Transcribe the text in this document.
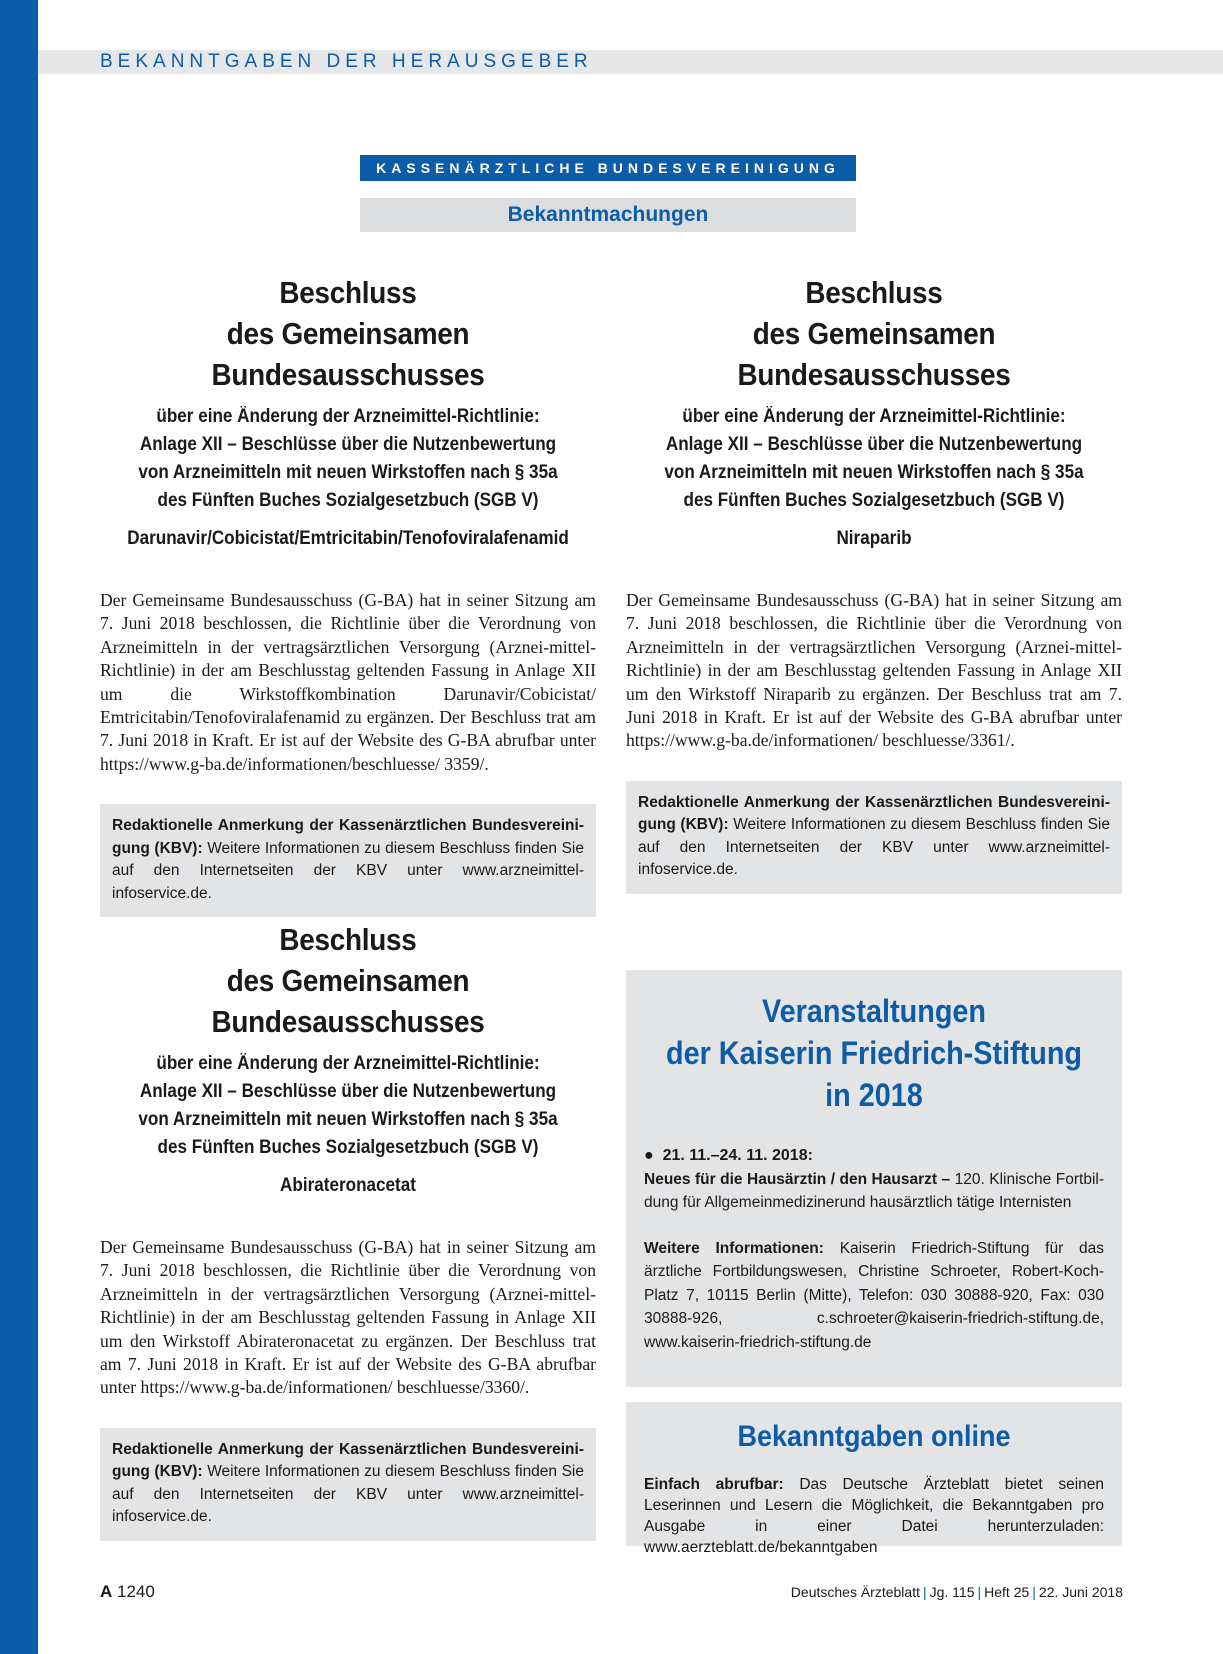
BEKANNTGABEN DER HERAUSGEBER
KASSENÄRZTLICHE BUNDESVEREINIGUNG
Bekanntmachungen
Beschluss
des Gemeinsamen Bundesausschusses
über eine Änderung der Arzneimittel-Richtlinie:
Anlage XII – Beschlüsse über die Nutzenbewertung
von Arzneimitteln mit neuen Wirkstoffen nach § 35a
des Fünften Buches Sozialgesetzbuch (SGB V)
Darunavir/Cobicistat/Emtricitabin/Tenofoviralafenamid

Der Gemeinsame Bundesausschuss (G-BA) hat in seiner Sitzung am 7. Juni 2018 beschlossen, die Richtlinie über die Verordnung von Arzneimitteln in der vertragsärztlichen Versorgung (Arznei-mittel-Richtlinie) in der am Beschlusstag geltenden Fassung in Anlage XII um die Wirkstoffkombination Darunavir/Cobicistat/ Emtricitabin/Tenofoviralafenamid zu ergänzen. Der Beschluss trat am 7. Juni 2018 in Kraft. Er ist auf der Website des G-BA abrufbar unter https://www.g-ba.de/informationen/beschluesse/ 3359/.

Redaktionelle Anmerkung der Kassenärztlichen Bundesvereini-gung (KBV): Weitere Informationen zu diesem Beschluss finden Sie auf den Internetseiten der KBV unter www.arzneimittel-infoservice.de.
Beschluss
des Gemeinsamen Bundesausschusses
über eine Änderung der Arzneimittel-Richtlinie:
Anlage XII – Beschlüsse über die Nutzenbewertung
von Arzneimitteln mit neuen Wirkstoffen nach § 35a
des Fünften Buches Sozialgesetzbuch (SGB V)
Niraparib

Der Gemeinsame Bundesausschuss (G-BA) hat in seiner Sitzung am 7. Juni 2018 beschlossen, die Richtlinie über die Verordnung von Arzneimitteln in der vertragsärztlichen Versorgung (Arznei-mittel-Richtlinie) in der am Beschlusstag geltenden Fassung in Anlage XII um den Wirkstoff Niraparib zu ergänzen. Der Beschluss trat am 7. Juni 2018 in Kraft. Er ist auf der Website des G-BA abrufbar unter https://www.g-ba.de/informationen/ beschluesse/3361/.

Redaktionelle Anmerkung der Kassenärztlichen Bundesvereini-gung (KBV): Weitere Informationen zu diesem Beschluss finden Sie auf den Internetseiten der KBV unter www.arzneimittel-infoservice.de.
Beschluss
des Gemeinsamen Bundesausschusses
über eine Änderung der Arzneimittel-Richtlinie:
Anlage XII – Beschlüsse über die Nutzenbewertung
von Arzneimitteln mit neuen Wirkstoffen nach § 35a
des Fünften Buches Sozialgesetzbuch (SGB V)
Abirateronacetat

Der Gemeinsame Bundesausschuss (G-BA) hat in seiner Sitzung am 7. Juni 2018 beschlossen, die Richtlinie über die Verordnung von Arzneimitteln in der vertragsärztlichen Versorgung (Arznei-mittel-Richtlinie) in der am Beschlusstag geltenden Fassung in Anlage XII um den Wirkstoff Abirateronacetat zu ergänzen. Der Beschluss trat am 7. Juni 2018 in Kraft. Er ist auf der Website des G-BA abrufbar unter https://www.g-ba.de/informationen/ beschluesse/3360/.

Redaktionelle Anmerkung der Kassenärztlichen Bundesvereini-gung (KBV): Weitere Informationen zu diesem Beschluss finden Sie auf den Internetseiten der KBV unter www.arzneimittel-infoservice.de.
Veranstaltungen
der Kaiserin Friedrich-Stiftung
in 2018
● 21. 11.–24. 11. 2018:
Neues für die Hausärztin / den Hausarzt – 120. Klinische Fortbil-dung für Allgemeinmedizinerund hausärztlich tätige Internisten
Weitere Informationen: Kaiserin Friedrich-Stiftung für das ärztliche Fortbildungswesen, Christine Schroeter, Robert-Koch-Platz 7, 10115 Berlin (Mitte), Telefon: 030 30888-920, Fax: 030 30888-926, c.schroeter@kaiserin-friedrich-stiftung.de, www.kaiserin-friedrich-stiftung.de
Bekanntgaben online
Einfach abrufbar: Das Deutsche Ärzteblatt bietet seinen Leserinnen und Lesern die Möglichkeit, die Bekanntgaben pro Ausgabe in einer Datei herunterzuladen: www.aerzteblatt.de/bekanntgaben
A 1240	Deutsches Ärzteblatt | Jg. 115 | Heft 25 | 22. Juni 2018
